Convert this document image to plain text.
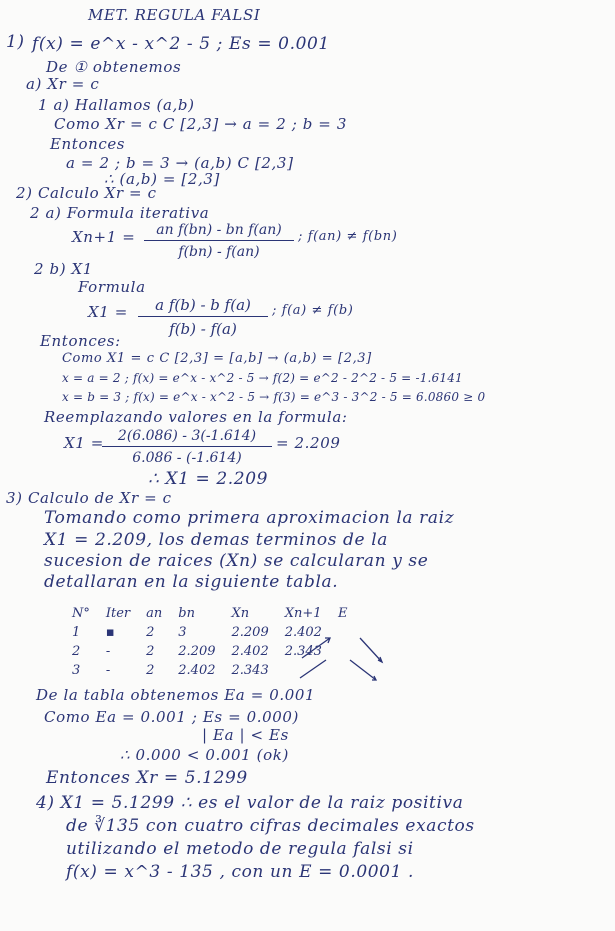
MET. REGULA FALSI
1) f(x) = e^x - x^2 - 5 ; Es = 0.001
De ① obtenemos
a) Xr = c
1 a) Hallamos (a,b)
Como Xr = c C [2,3] → a = 2 ; b = 3
Entonces
a = 2 ; b = 3 → (a,b) C [2,3]
∴ (a,b) = [2,3]
2) Calculo Xr = c
2 a) Formula iterativa
$Xn+1 = \frac{\text{an f(bn) - bn f(an)}}{f(bn) - f(an)}$ ; f(an) ≠ f(bn)
2 b) X1
Formula
$X1 = \frac{\text{a f(b) - b f(a)}}{f(b) - f(a)}$ ; f(a) ≠ f(b)
Entonces:
Como X1 = c C [2,3] = [a,b] → (a,b) = [2,3]
x = a = 2 ; f(x) = e^x - x^2 - 5 → f(2) = e^2 - 2^2 - 5 = -1.6141
x = b = 3 ; f(x) = e^x - x^2 - 5 → f(3) = e^3 - 3^2 - 5 = 6.0860 ≥ 0
Reemplazando valores en la formula:
X1 =
$\frac{2(6.086) - 3(-1.614)}{6.086 - (-1.614)} = 2.209$
∴ X1 = 2.209
3) Calculo de Xr = c
Tomando como primera aproximacion la raiz
X1 = 2.209, los demas terminos de la
sucesion de raices (Xn) se calcularan y se
detallaran en la siguiente tabla.
N°	Iter	an	bn	Xn	Xn+1	E
1	▪	2	3	2.209	2.402	
2	-	2	2.209	2.402	2.343	
3	-	2	2.402	2.343		
De la tabla obtenemos Ea = 0.001
Como Ea = 0.001 ; Es = 0.000)
| Ea | < Es
∴ 0.000 < 0.001 (ok)
Entonces Xr = 5.1299
4) X1 = 5.1299 ∴ es el valor de la raiz positiva
de ∛135 con cuatro cifras decimales exactos
utilizando el metodo de regula falsi si
f(x) = x^3 - 135 , con un E = 0.0001 .
